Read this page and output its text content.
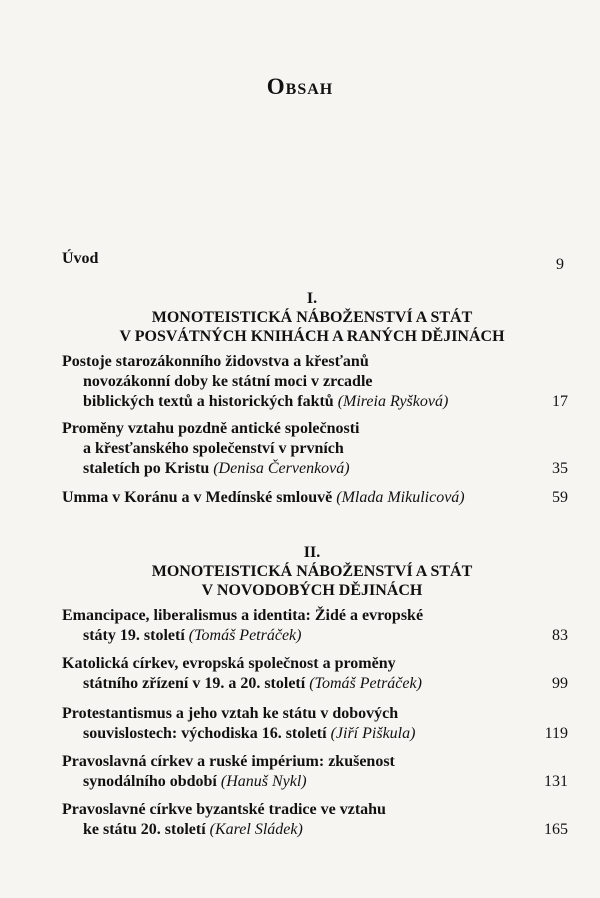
Obsah
Úvod	9
I.
MONOTEISTICKÁ NÁBOŽENSTVÍ A STÁT
V POSVÁTNÝCH KNIHÁCH A RANÝCH DĚJINÁCH
Postoje starozákonního židovstva a křesťanů
novozákonní doby ke státní moci v zrcadle
biblických textů a historických faktů (Mireia Ryšková)	17
Proměny vztahu pozdně antické společnosti
a křesťanského společenství v prvních
staletích po Kristu (Denisa Červenková)	35
Umma v Koránu a v Medínské smlouvě (Mlada Mikulicová)	59
II.
MONOTEISTICKÁ NÁBOŽENSTVÍ A STÁT
V NOVODOBÝCH DĚJINÁCH
Emancipace, liberalismus a identita: Židé a evropské
státy 19. století (Tomáš Petráček)	83
Katolická církev, evropská společnost a proměny
státního zřízení v 19. a 20. století (Tomáš Petráček)	99
Protestantismus a jeho vztah ke státu v dobových
souvislostech: východiska 16. století (Jiří Piškula)	119
Pravoslavná církev a ruské impérium: zkušenost
synodálního období (Hanuš Nykl)	131
Pravoslavné církve byzantské tradice ve vztahu
ke státu 20. století (Karel Sládek)	165
